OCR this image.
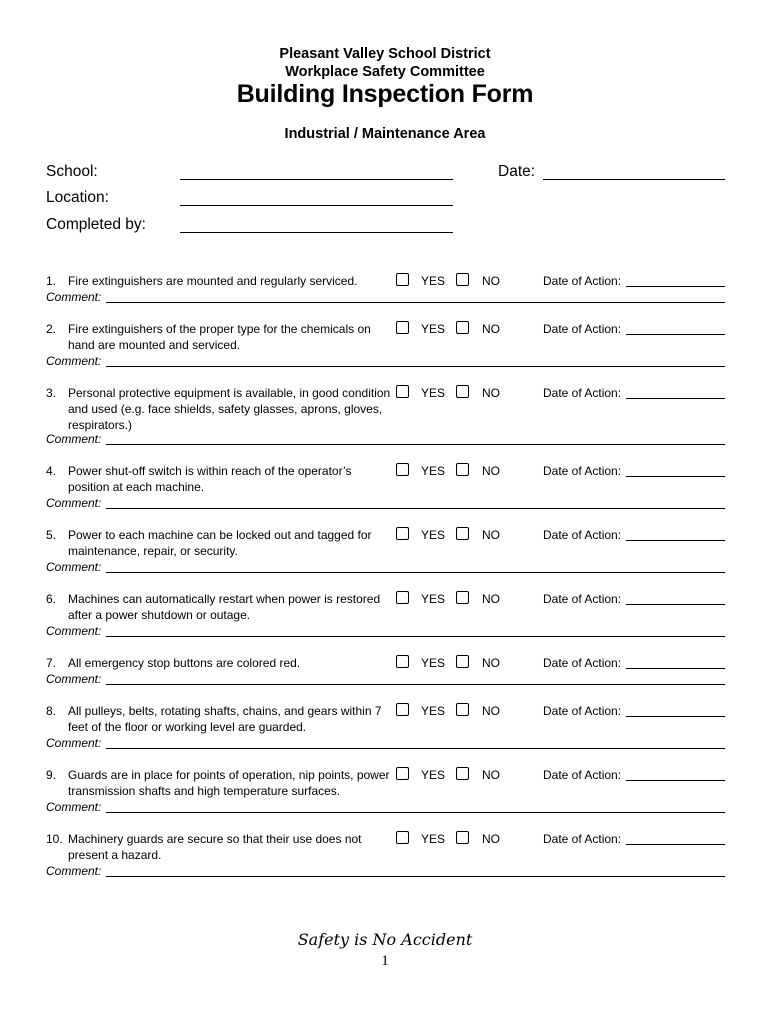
Pleasant Valley School District
Workplace Safety Committee
Building Inspection Form
Industrial / Maintenance Area
School:
Location:
Completed by:
Date:
1. Fire extinguishers are mounted and regularly serviced.	YES	NO	Date of Action:
Comment:
2. Fire extinguishers of the proper type for the chemicals on hand are mounted and serviced.
YES	NO	Date of Action:
Comment:
3. Personal protective equipment is available, in good condition and used (e.g. face shields, safety glasses, aprons, gloves, respirators.)
YES	NO	Date of Action:
Comment:
4. Power shut-off switch is within reach of the operator’s position at each machine.
YES	NO	Date of Action:
Comment:
5. Power to each machine can be locked out and tagged for maintenance, repair, or security.
YES	NO	Date of Action:
Comment:
6. Machines can automatically restart when power is restored after a power shutdown or outage.
YES	NO	Date of Action:
Comment:
7. All emergency stop buttons are colored red.	YES	NO	Date of Action:
Comment:
8. All pulleys, belts, rotating shafts, chains, and gears within 7 feet of the floor or working level are guarded.
YES	NO	Date of Action:
Comment:
9. Guards are in place for points of operation, nip points, power transmission shafts and high temperature surfaces.
YES	NO	Date of Action:
Comment:
10. Machinery guards are secure so that their use does not present a hazard.
YES	NO	Date of Action:
Comment:
Safety is No Accident
1
